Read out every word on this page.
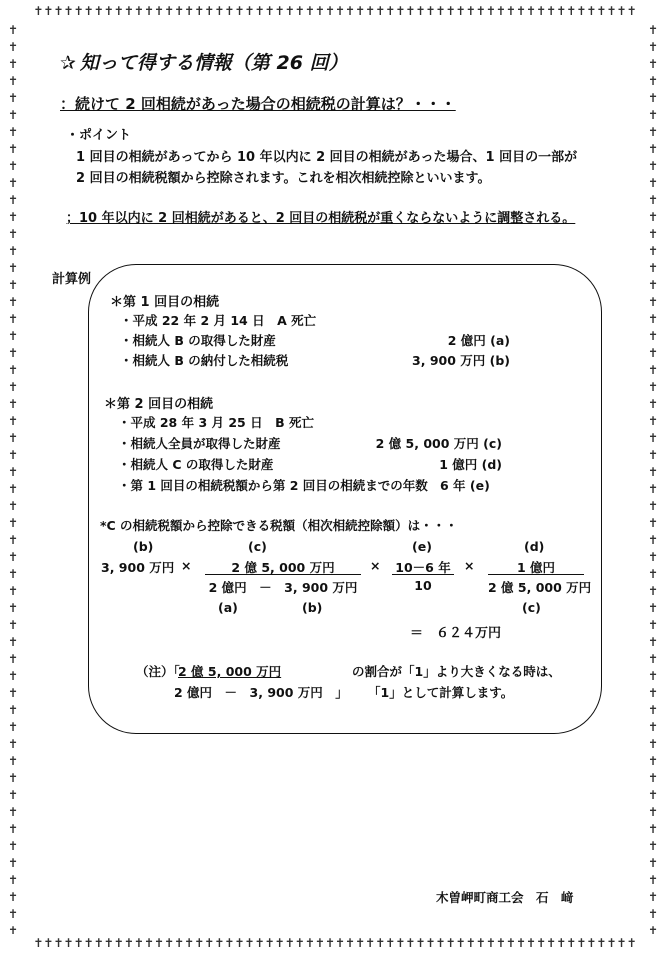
✝✝✝✝✝✝✝✝✝✝✝✝✝✝✝✝✝✝✝✝✝✝✝✝✝✝✝✝✝✝✝✝✝✝✝✝✝✝✝✝✝✝✝✝✝✝✝✝✝✝✝✝✝✝✝✝✝✝✝✝
✝✝✝✝✝✝✝✝✝✝✝✝✝✝✝✝✝✝✝✝✝✝✝✝✝✝✝✝✝✝✝✝✝✝✝✝✝✝✝✝✝✝✝✝✝✝✝✝✝✝✝✝✝✝✝✝✝✝✝✝
✝✝✝✝✝✝✝✝✝✝✝✝✝✝✝✝✝✝✝✝✝✝✝✝✝✝✝✝✝✝✝✝✝✝✝✝✝✝✝✝✝✝✝✝✝✝✝✝✝✝✝✝✝✝
✝✝✝✝✝✝✝✝✝✝✝✝✝✝✝✝✝✝✝✝✝✝✝✝✝✝✝✝✝✝✝✝✝✝✝✝✝✝✝✝✝✝✝✝✝✝✝✝✝✝✝✝✝✝
✰ 知って得する情報（第 26 回）
：続けて 2 回相続があった場合の相続税の計算は？・・・
・ポイント
1 回目の相続があってから 10 年以内に 2 回目の相続があった場合、1 回目の一部が
2 回目の相続税額から控除されます。これを相次相続控除といいます。
；10 年以内に 2 回相続があると、2 回目の相続税が重くならないように調整される。
計算例
＊第 1 回目の相続
・平成 22 年 2 月 14 日　A 死亡
・相続人 B の取得した財産	2 億円 (a)
・相続人 B の納付した相続税	3, 900 万円 (b)
＊第 2 回目の相続
・平成 28 年 3 月 25 日　B 死亡
・相続人全員が取得した財産	2 億 5, 000 万円 (c)
・相続人 C の取得した財産	1 億円 (d)
・第 1 回目の相続税額から第 2 回目の相続までの年数 6 年 (e)
*C の相続税額から控除できる税額（相次相続控除額）は・・・
(b)	(c)	(e)	(d)
3, 900 万円 ×	2 億 5, 000 万円
2 億円　－　3, 900 万円
× 10－6 年
10
×	1 億円
2 億 5, 000 万円
(a)	(b)	(c)
＝　６２４万円
（注）「
2 億 5, 000 万円	の割合が「1」より大きくなる時は、
2 億円　－　3, 900 万円　」 「1」として計算します。
木曽岬町商工会　石　﨑
